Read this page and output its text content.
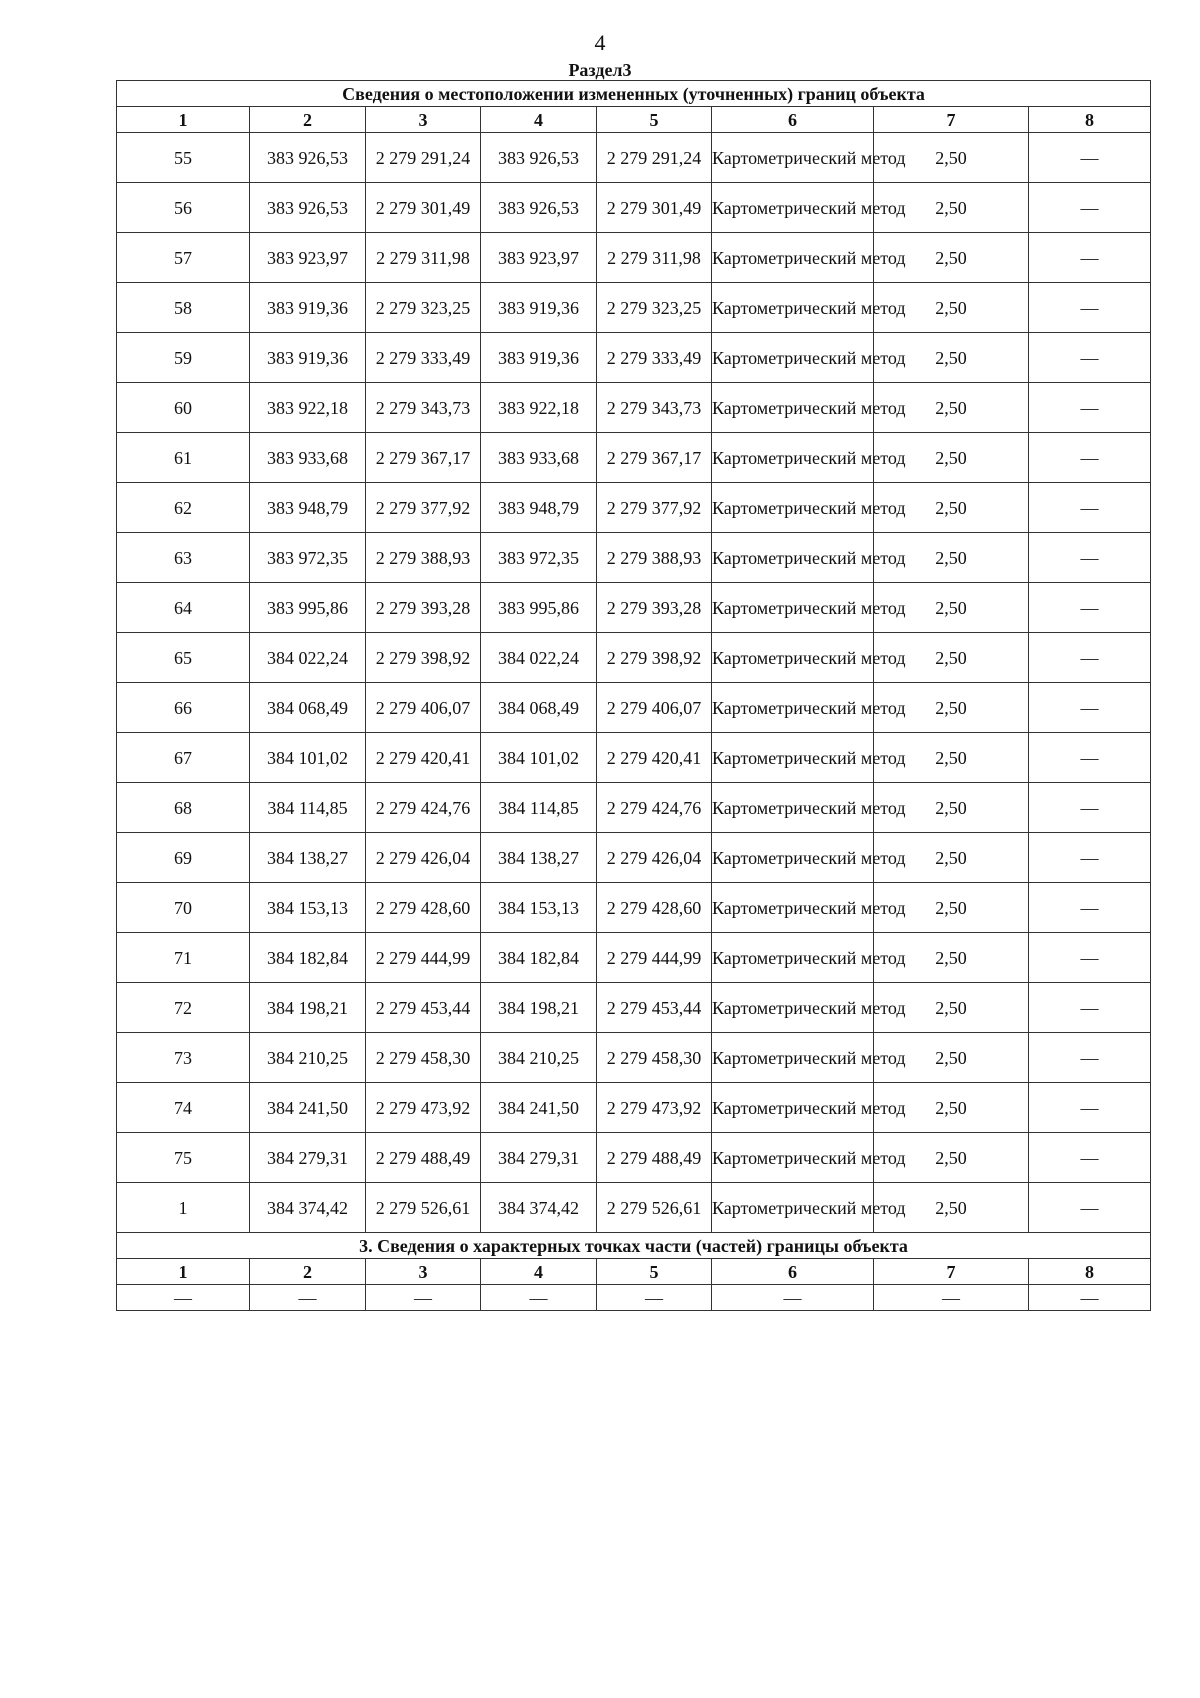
4
Раздел3
Сведения о местоположении измененных (уточненных) границ объекта							
1	2	3	4	5	6	7	8
55	383 926,53	2 279 291,24	383 926,53	2 279 291,24	Картометрический метод	2,50	—
56	383 926,53	2 279 301,49	383 926,53	2 279 301,49	Картометрический метод	2,50	—
57	383 923,97	2 279 311,98	383 923,97	2 279 311,98	Картометрический метод	2,50	—
58	383 919,36	2 279 323,25	383 919,36	2 279 323,25	Картометрический метод	2,50	—
59	383 919,36	2 279 333,49	383 919,36	2 279 333,49	Картометрический метод	2,50	—
60	383 922,18	2 279 343,73	383 922,18	2 279 343,73	Картометрический метод	2,50	—
61	383 933,68	2 279 367,17	383 933,68	2 279 367,17	Картометрический метод	2,50	—
62	383 948,79	2 279 377,92	383 948,79	2 279 377,92	Картометрический метод	2,50	—
63	383 972,35	2 279 388,93	383 972,35	2 279 388,93	Картометрический метод	2,50	—
64	383 995,86	2 279 393,28	383 995,86	2 279 393,28	Картометрический метод	2,50	—
65	384 022,24	2 279 398,92	384 022,24	2 279 398,92	Картометрический метод	2,50	—
66	384 068,49	2 279 406,07	384 068,49	2 279 406,07	Картометрический метод	2,50	—
67	384 101,02	2 279 420,41	384 101,02	2 279 420,41	Картометрический метод	2,50	—
68	384 114,85	2 279 424,76	384 114,85	2 279 424,76	Картометрический метод	2,50	—
69	384 138,27	2 279 426,04	384 138,27	2 279 426,04	Картометрический метод	2,50	—
70	384 153,13	2 279 428,60	384 153,13	2 279 428,60	Картометрический метод	2,50	—
71	384 182,84	2 279 444,99	384 182,84	2 279 444,99	Картометрический метод	2,50	—
72	384 198,21	2 279 453,44	384 198,21	2 279 453,44	Картометрический метод	2,50	—
73	384 210,25	2 279 458,30	384 210,25	2 279 458,30	Картометрический метод	2,50	—
74	384 241,50	2 279 473,92	384 241,50	2 279 473,92	Картометрический метод	2,50	—
75	384 279,31	2 279 488,49	384 279,31	2 279 488,49	Картометрический метод	2,50	—
1	384 374,42	2 279 526,61	384 374,42	2 279 526,61	Картометрический метод	2,50	—
3. Сведения о характерных точках части (частей) границы объекта							
1	2	3	4	5	6	7	8
—	—	—	—	—	—	—	—
